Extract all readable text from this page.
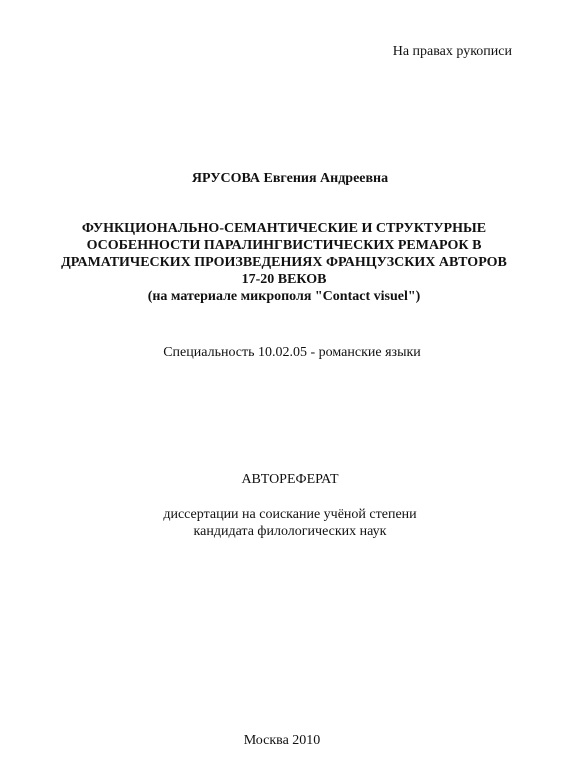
На правах рукописи
ЯРУСОВА Евгения Андреевна
ФУНКЦИОНАЛЬНО-СЕМАНТИЧЕСКИЕ И СТРУКТУРНЫЕ
ОСОБЕННОСТИ ПАРАЛИНГВИСТИЧЕСКИХ РЕМАРОК В
ДРАМАТИЧЕСКИХ ПРОИЗВЕДЕНИЯХ ФРАНЦУЗСКИХ АВТОРОВ
17-20 ВЕКОВ
(на материале микрополя "Contact visuel")
Специальность 10.02.05 - романские языки
АВТОРЕФЕРАТ
диссертации на соискание учёной степени
кандидата филологических наук
Москва 2010
